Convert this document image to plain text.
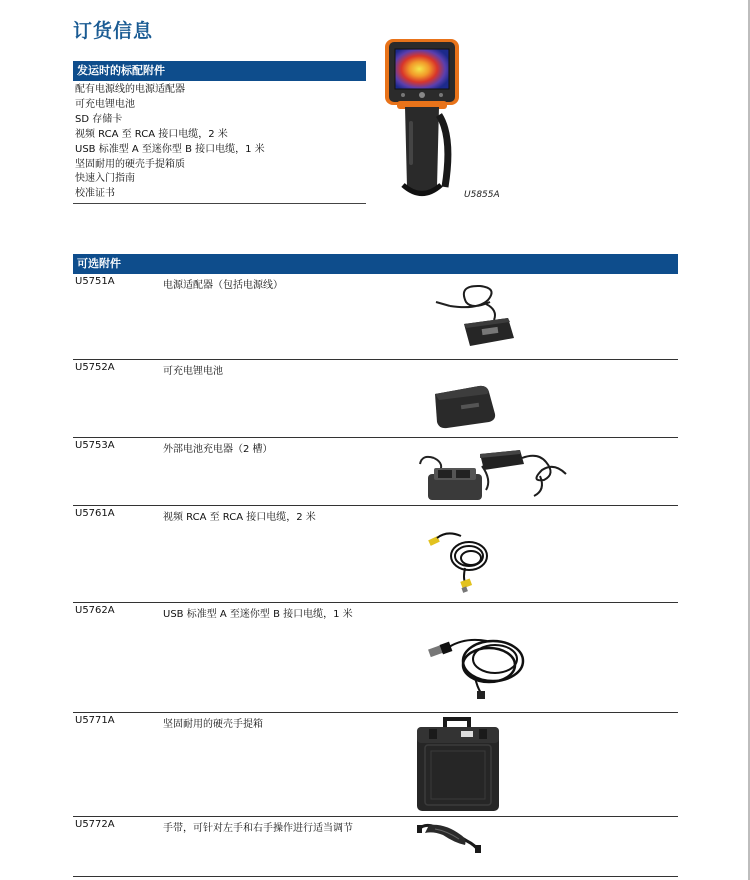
订货信息
发运时的标配附件
配有电源线的电源适配器
可充电锂电池
SD 存储卡
视频 RCA 至 RCA 接口电缆，2 米
USB 标准型 A 至迷你型 B 接口电缆，1 米
坚固耐用的硬壳手提箱质
快速入门指南
校准证书	U5855A
可选附件
U5751A	电源适配器（包括电源线）
U5752A	可充电锂电池
U5753A	外部电池充电器（2 槽）
U5761A	视频 RCA 至 RCA 接口电缆，2 米
U5762A	USB 标准型 A 至迷你型 B 接口电缆，1 米
U5771A	坚固耐用的硬壳手提箱
U5772A	手带，可针对左手和右手操作进行适当调节
